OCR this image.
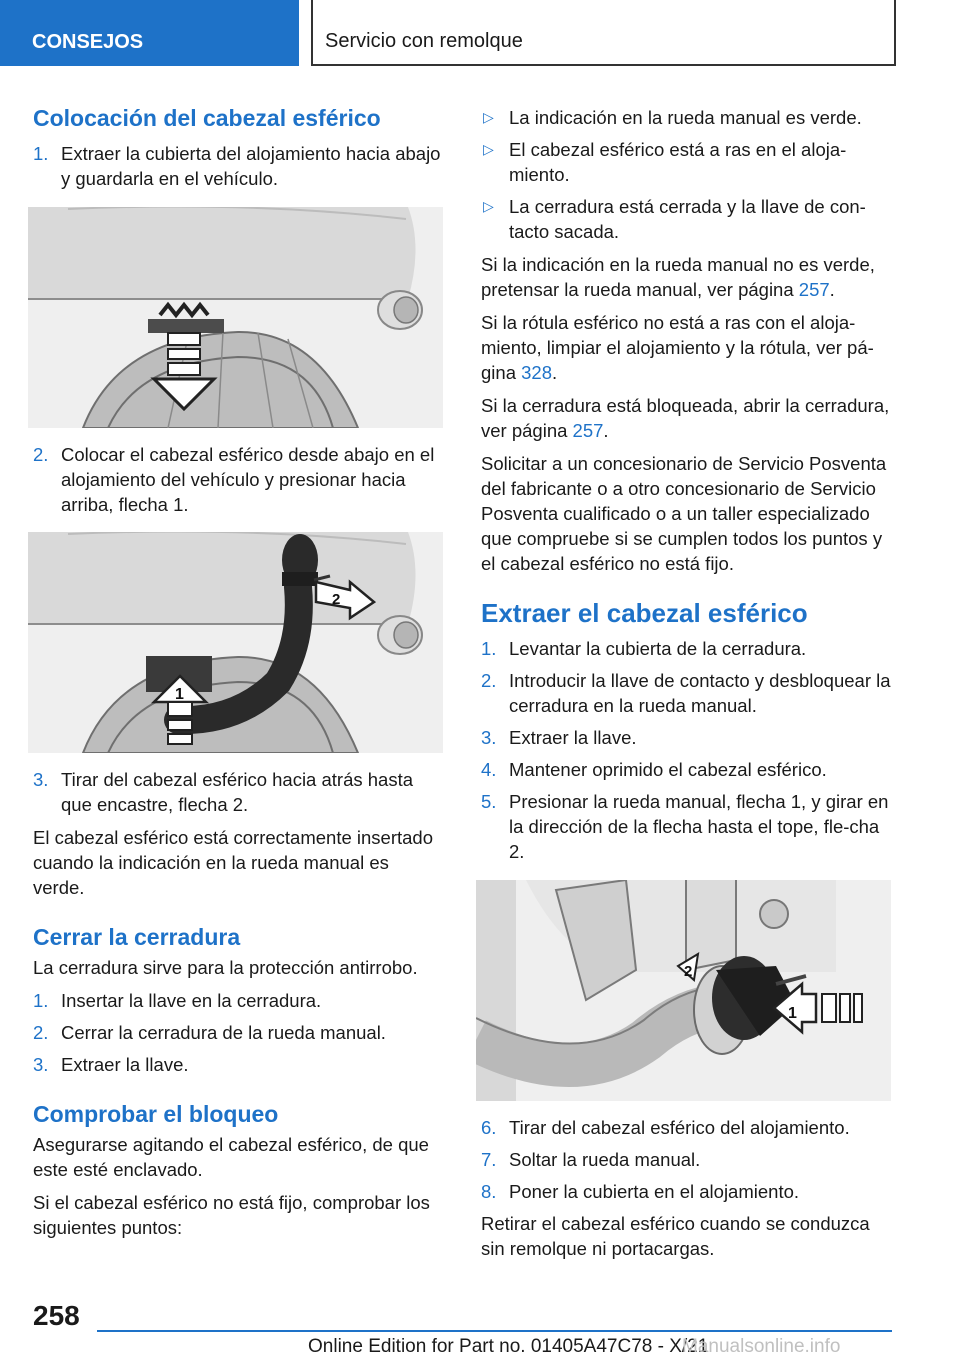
CONSEJOS	Servicio con remolque
Colocación del cabezal esférico
1. Extraer la cubierta del alojamiento hacia abajo y guardarla en el vehículo.
2. Colocar el cabezal esférico desde abajo en el alojamiento del vehículo y presionar hacia arriba, flecha 1.
2
1
3. Tirar del cabezal esférico hacia atrás hasta que encastre, flecha 2.

El cabezal esférico está correctamente insertado cuando la indicación en la rueda manual es verde.

Cerrar la cerradura

La cerradura sirve para la protección antirrobo.

1. Insertar la llave en la cerradura.
2. Cerrar la cerradura de la rueda manual.
3. Extraer la llave.
Comprobar el bloqueo

Asegurarse agitando el cabezal esférico, de que este esté enclavado.

Si el cabezal esférico no está fijo, comprobar los siguientes puntos:

▷ La indicación en la rueda manual es verde.
▷ El cabezal esférico está a ras en el aloja-miento.
▷ La cerradura está cerrada y la llave de con-tacto sacada.

Si la indicación en la rueda manual no es verde, pretensar la rueda manual, ver página 257.

Si la rótula esférico no está a ras con el aloja-miento, limpiar el alojamiento y la rótula, ver pá-gina 328.

Si la cerradura está bloqueada, abrir la cerradura, ver página 257.

Solicitar a un concesionario de Servicio Posventa del fabricante o a otro concesionario de Servicio Posventa cualificado o a un taller especializado que compruebe si se cumplen todos los puntos y el cabezal esférico no está fijo.

Extraer el cabezal esférico
1. Levantar la cubierta de la cerradura.
2. Introducir la llave de contacto y desbloquear la cerradura en la rueda manual.
3. Extraer la llave.
4. Mantener oprimido el cabezal esférico.
5. Presionar la rueda manual, flecha 1, y girar en la dirección de la flecha hasta el tope, fle-cha 2.
2
1
6. Tirar del cabezal esférico del alojamiento.
7. Soltar la rueda manual.
8. Poner la cubierta en el alojamiento.

Retirar el cabezal esférico cuando se conduzca sin remolque ni portacargas.

258
Online Edition for Part no. 01405A47C78 - X/21
Manualsonline.info
